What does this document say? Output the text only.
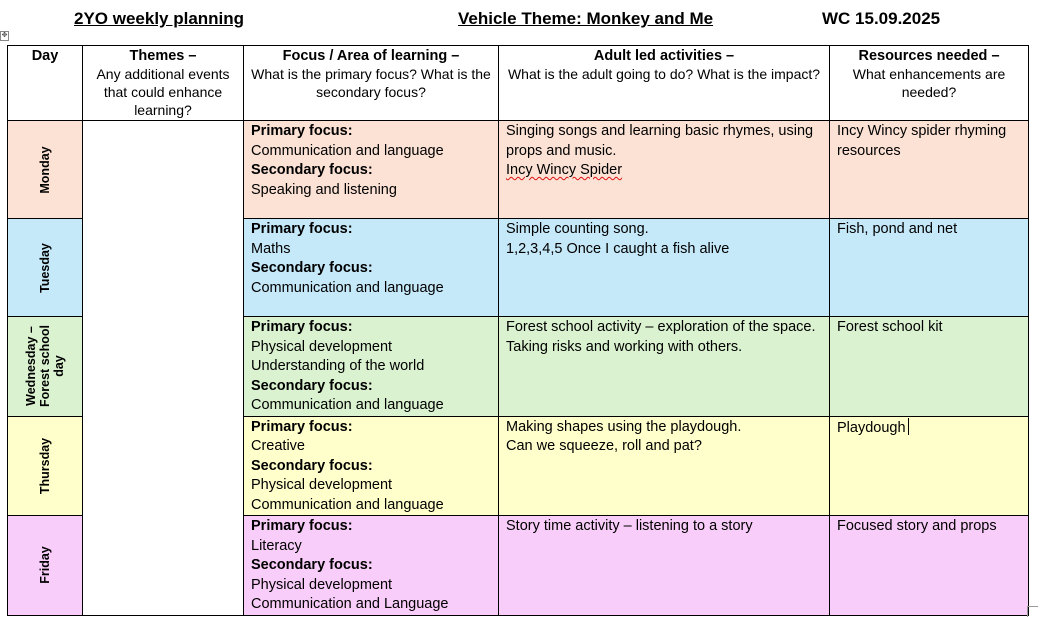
2YO weekly planning	Vehicle Theme: Monkey and Me	WC 15.09.2025
✥
Day	Themes –
Any additional events that could enhance learning?	Focus / Area of learning –
What is the primary focus? What is the secondary focus?	Adult led activities –
What is the adult going to do? What is the impact?	Resources needed –
What enhancements are needed?

Monday		Primary focus:
Communication and language
Secondary focus:
Speaking and listening	Singing songs and learning basic rhymes, using props and music.
Incy Wincy Spider	Incy Wincy spider rhyming resources

Tuesday		Primary focus:
Maths
Secondary focus:
Communication and language	Simple counting song.
1,2,3,4,5 Once I caught a fish alive	Fish, pond and net

Wednesday – Forest school day		Primary focus:
Physical development
Understanding of the world
Secondary focus:
Communication and language	Forest school activity – exploration of the space. Taking risks and working with others.	Forest school kit

Thursday		Primary focus:
Creative
Secondary focus:
Physical development
Communication and language	Making shapes using the playdough.
Can we squeeze, roll and pat?	Playdough

Friday		Primary focus:
Literacy
Secondary focus:
Physical development
Communication and Language	Story time activity – listening to a story	Focused story and props
